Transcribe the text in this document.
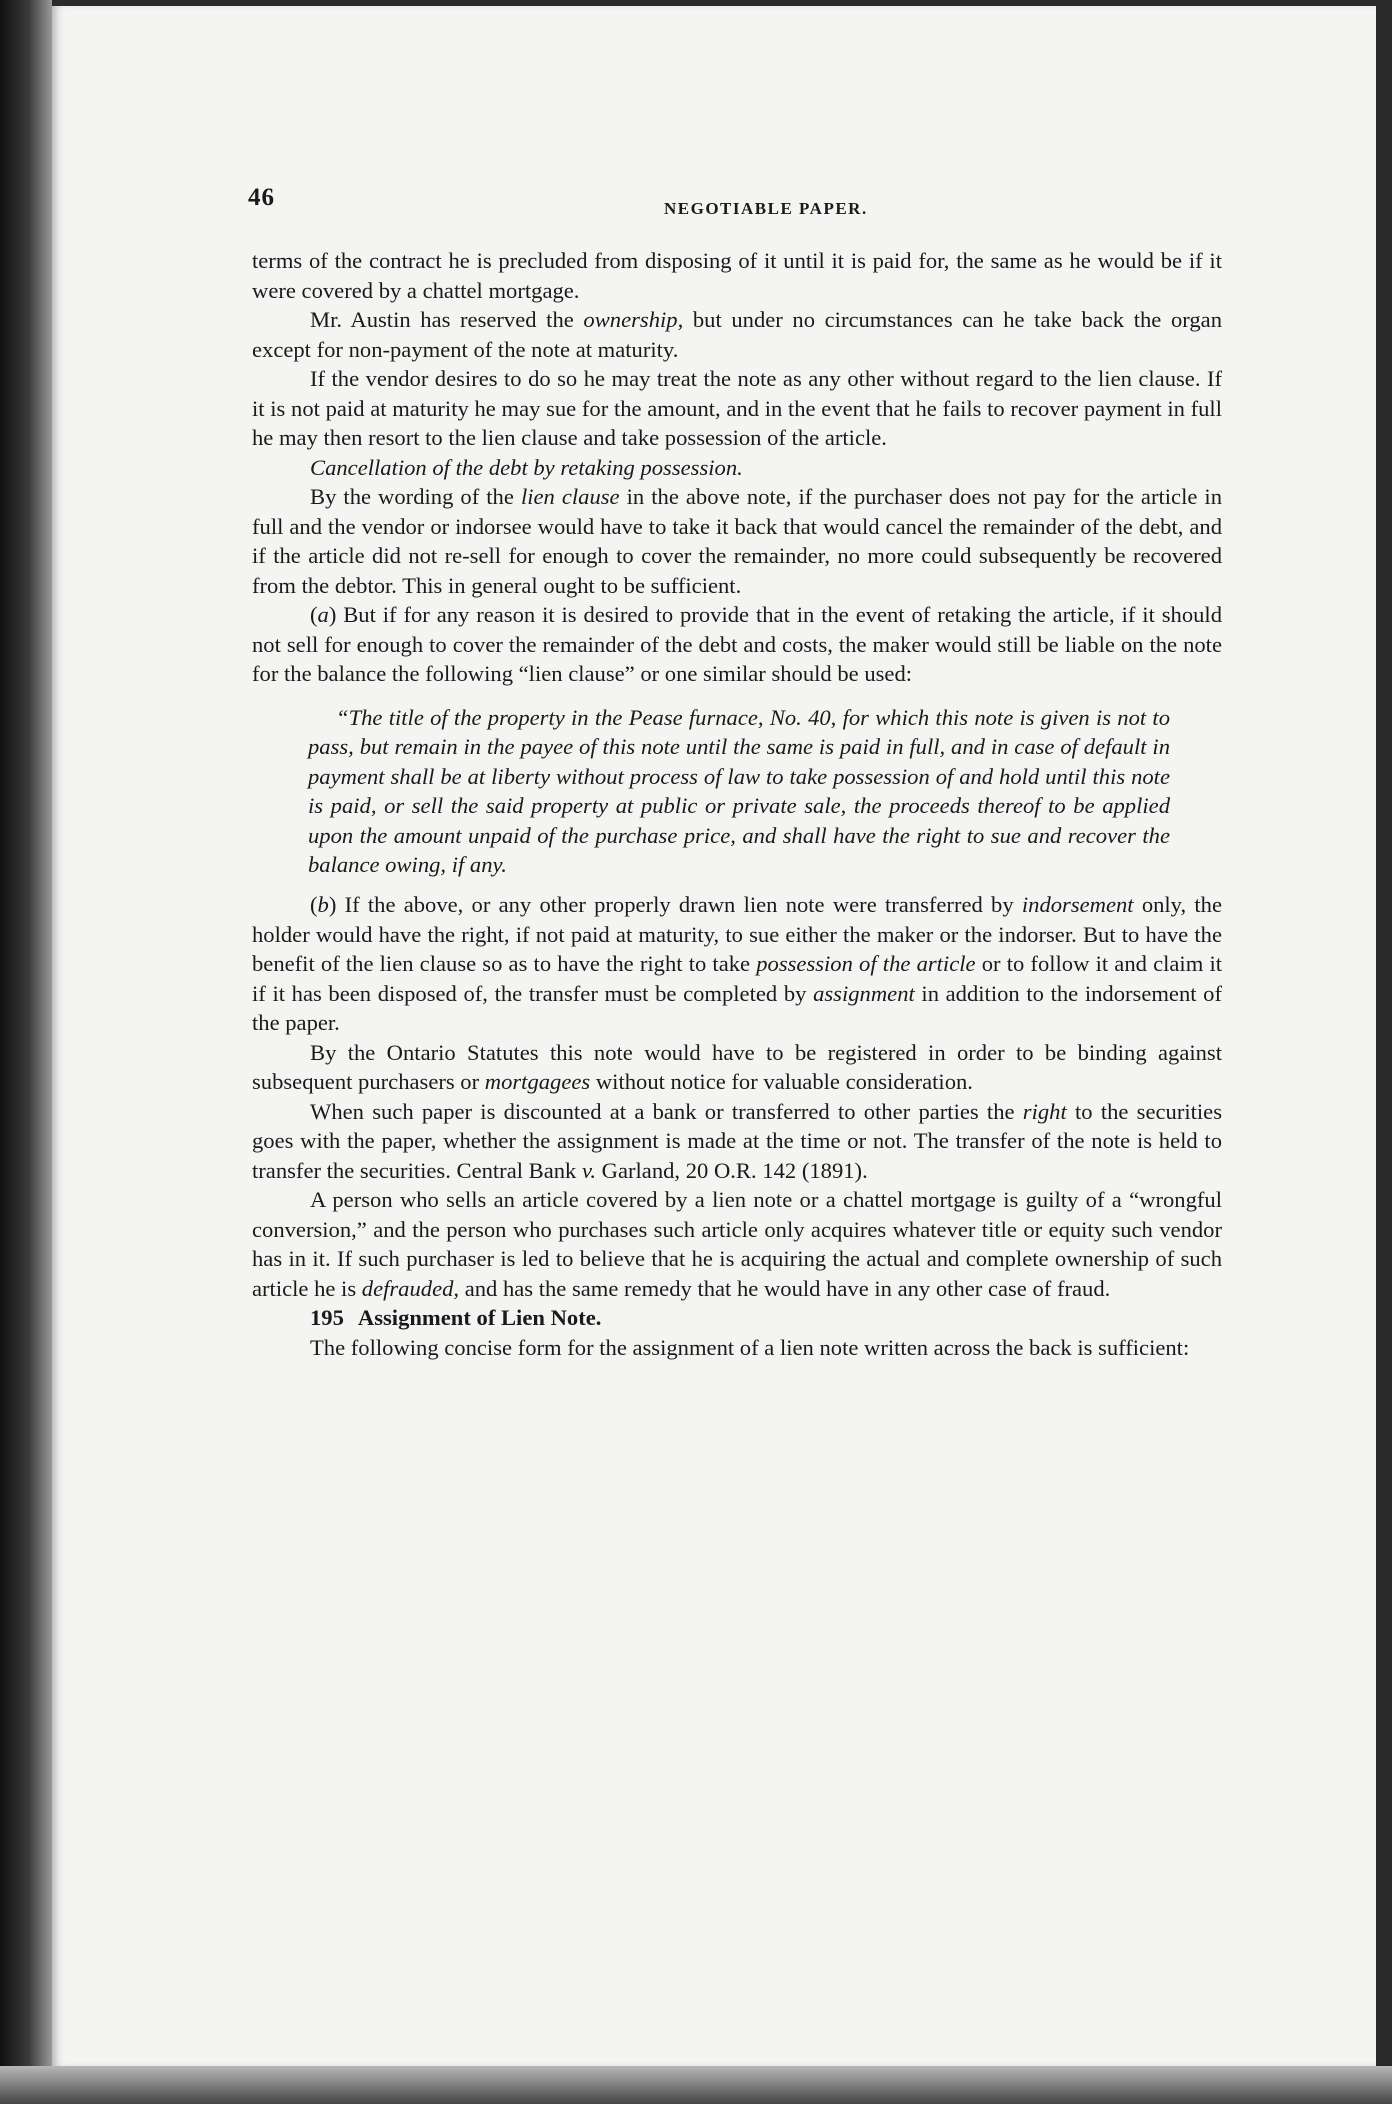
46	NEGOTIABLE PAPER.

terms of the contract he is precluded from disposing of it until it is paid for, the same as he would be if it were covered by a chattel mortgage.

Mr. Austin has reserved the ownership, but under no circumstances can he take back the organ except for non-payment of the note at maturity.

If the vendor desires to do so he may treat the note as any other without regard to the lien clause. If it is not paid at maturity he may sue for the amount, and in the event that he fails to recover payment in full he may then resort to the lien clause and take possession of the article.

Cancellation of the debt by retaking possession.

By the wording of the lien clause in the above note, if the purchaser does not pay for the article in full and the vendor or indorsee would have to take it back that would cancel the remainder of the debt, and if the article did not re-sell for enough to cover the remainder, no more could subsequently be recovered from the debtor. This in general ought to be sufficient.

(a) But if for any reason it is desired to provide that in the event of retaking the article, if it should not sell for enough to cover the remainder of the debt and costs, the maker would still be liable on the note for the balance the following “lien clause” or one similar should be used:

“The title of the property in the Pease furnace, No. 40, for which this note is given is not to pass, but remain in the payee of this note until the same is paid in full, and in case of default in payment shall be at liberty without process of law to take possession of and hold until this note is paid, or sell the said property at public or private sale, the proceeds thereof to be applied upon the amount unpaid of the purchase price, and shall have the right to sue and recover the balance owing, if any.

(b) If the above, or any other properly drawn lien note were transferred by indorsement only, the holder would have the right, if not paid at maturity, to sue either the maker or the indorser. But to have the benefit of the lien clause so as to have the right to take possession of the article or to follow it and claim it if it has been disposed of, the transfer must be completed by assignment in addition to the indorsement of the paper.

By the Ontario Statutes this note would have to be registered in order to be binding against subsequent purchasers or mortgagees without notice for valuable consideration.

When such paper is discounted at a bank or transferred to other parties the right to the securities goes with the paper, whether the assignment is made at the time or not. The transfer of the note is held to transfer the securities. Central Bank v. Garland, 20 O.R. 142 (1891).

A person who sells an article covered by a lien note or a chattel mortgage is guilty of a “wrongful conversion,” and the person who purchases such article only acquires whatever title or equity such vendor has in it. If such purchaser is led to believe that he is acquiring the actual and complete ownership of such article he is defrauded, and has the same remedy that he would have in any other case of fraud.

195 Assignment of Lien Note.

The following concise form for the assignment of a lien note written across the back is sufficient:
